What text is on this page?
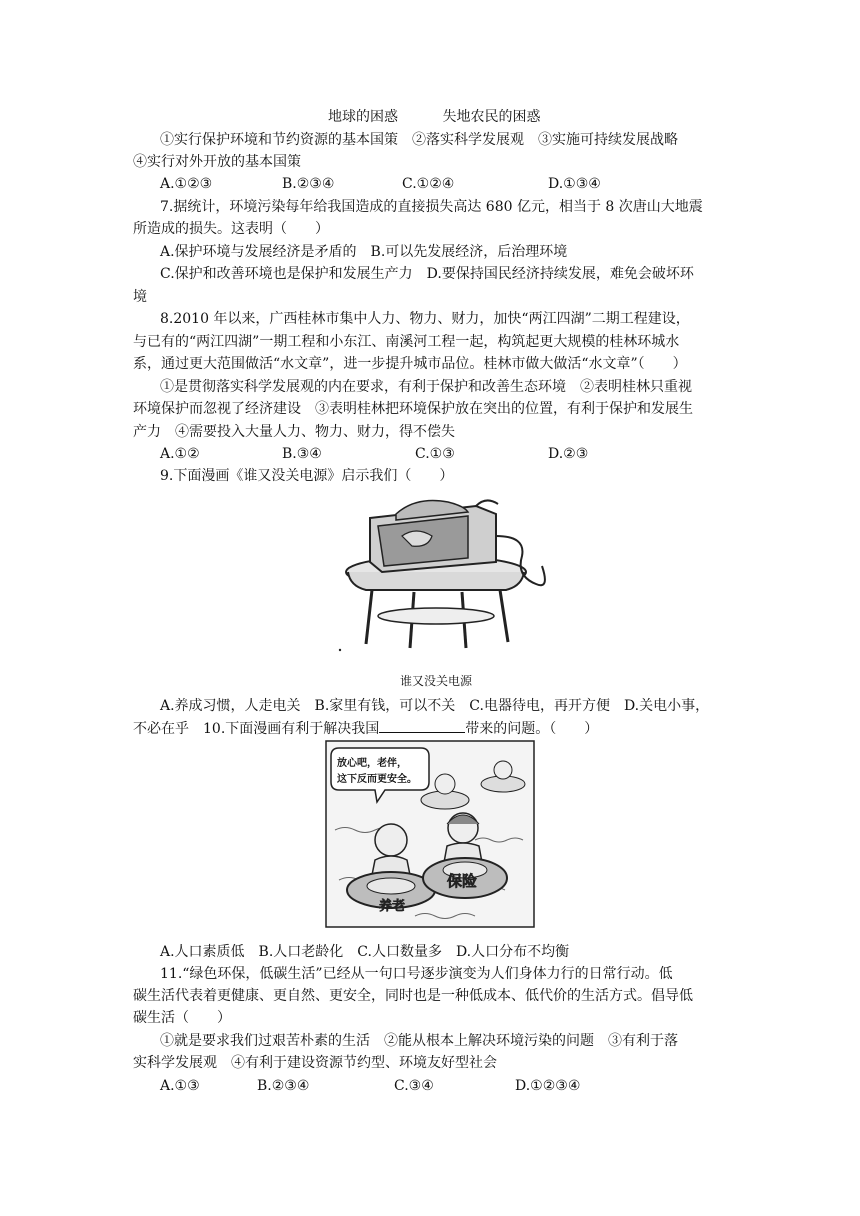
地球的困惑	失地农民的困惑
①实行保护环境和节约资源的基本国策　②落实科学发展观　③实施可持续发展战略
④实行对外开放的基本国策
A.①②③	B.②③④	C.①②④	D.①③④
7.据统计，环境污染每年给我国造成的直接损失高达 680 亿元，相当于 8 次唐山大地震
所造成的损失。这表明（　　）
A.保护环境与发展经济是矛盾的　B.可以先发展经济，后治理环境
C.保护和改善环境也是保护和发展生产力　D.要保持国民经济持续发展，难免会破坏环
境
8.2010 年以来，广西桂林市集中人力、物力、财力，加快“两江四湖”二期工程建设，
与已有的“两江四湖”一期工程和小东江、南溪河工程一起，构筑起更大规模的桂林环城水
系，通过更大范围做活“水文章”，进一步提升城市品位。桂林市做大做活“水文章”（　　）
①是贯彻落实科学发展观的内在要求，有利于保护和改善生态环境　②表明桂林只重视
环境保护而忽视了经济建设　③表明桂林把环境保护放在突出的位置，有利于保护和发展生
产力　④需要投入大量人力、物力、财力，得不偿失
A.①②	B.③④	C.①③	D.②③
9.下面漫画《谁又没关电源》启示我们（　　）
谁又没关电源
A.养成习惯，人走电关　B.家里有钱，可以不关　C.电器待电，再开方便　D.关电小事，
不必在乎　10.下面漫画有利于解决我国	带来的问题。（　　）
放心吧，老伴，
这下反而更安全。
养老
保险
A.人口素质低　B.人口老龄化　C.人口数量多　D.人口分布不均衡
11.“绿色环保，低碳生活”已经从一句口号逐步演变为人们身体力行的日常行动。低
碳生活代表着更健康、更自然、更安全，同时也是一种低成本、低代价的生活方式。倡导低
碳生活（　　）
①就是要求我们过艰苦朴素的生活　②能从根本上解决环境污染的问题　③有利于落
实科学发展观　④有利于建设资源节约型、环境友好型社会
A.①③	B.②③④	C.③④	D.①②③④
